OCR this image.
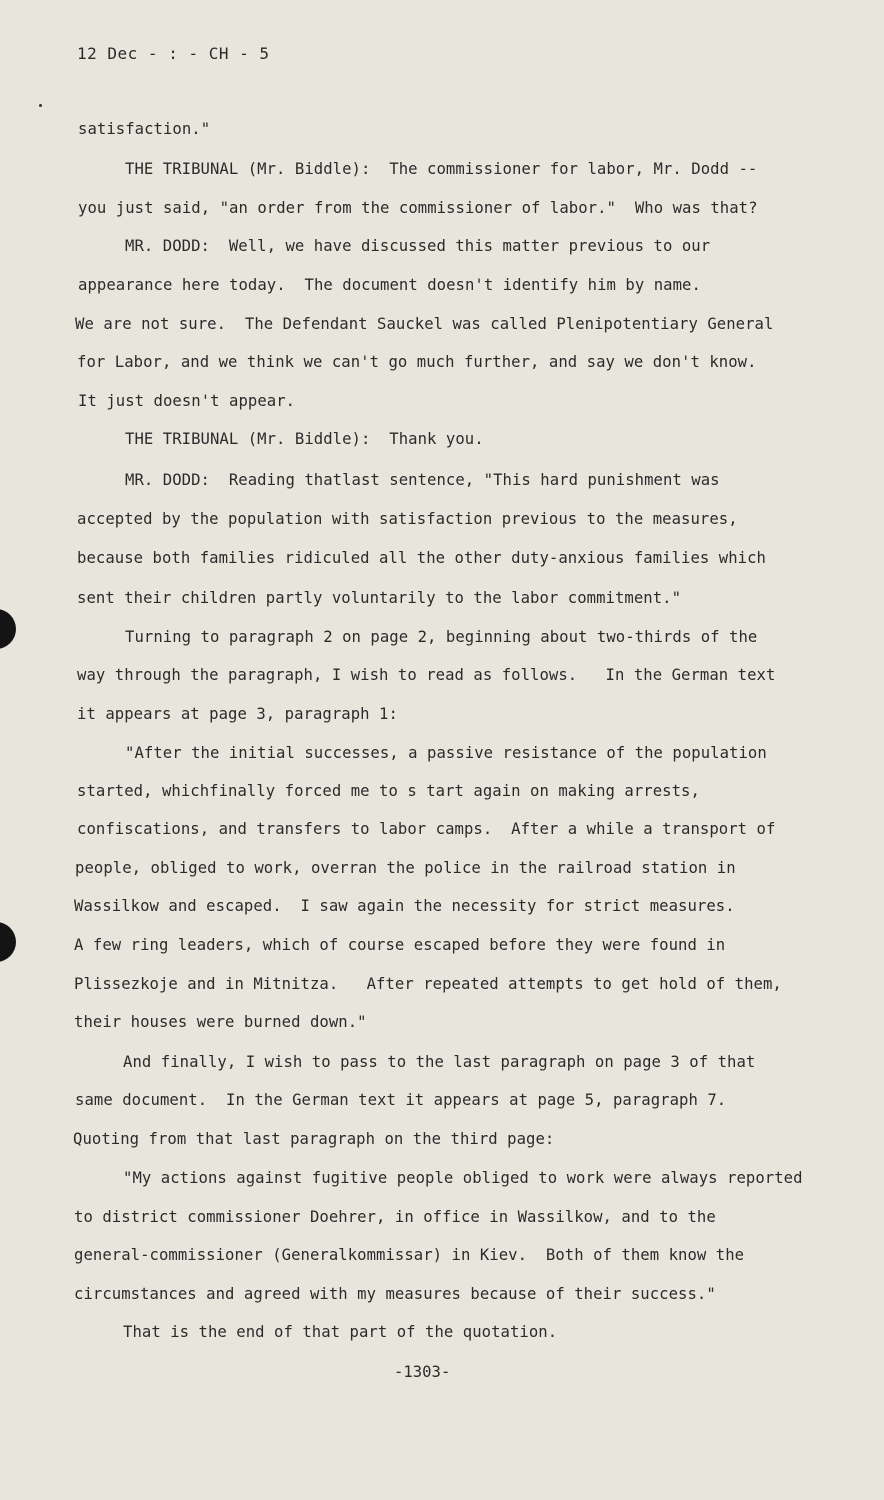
12 Dec - : - CH - 5
satisfaction."
THE TRIBUNAL (Mr. Biddle):  The commissioner for labor, Mr. Dodd --
you just said, "an order from the commissioner of labor."  Who was that?
MR. DODD:  Well, we have discussed this matter previous to our
appearance here today.  The document doesn't identify him by name.
We are not sure.  The Defendant Sauckel was called Plenipotentiary General
for Labor, and we think we can't go much further, and say we don't know.
It just doesn't appear.
THE TRIBUNAL (Mr. Biddle):  Thank you.
MR. DODD:  Reading thatlast sentence, "This hard punishment was
accepted by the population with satisfaction previous to the measures,
because both families ridiculed all the other duty-anxious families which
sent their children partly voluntarily to the labor commitment."
Turning to paragraph 2 on page 2, beginning about two-thirds of the
way through the paragraph, I wish to read as follows.   In the German text
it appears at page 3, paragraph 1:
"After the initial successes, a passive resistance of the population
started, whichfinally forced me to s tart again on making arrests,
confiscations, and transfers to labor camps.  After a while a transport of
people, obliged to work, overran the police in the railroad station in
Wassilkow and escaped.  I saw again the necessity for strict measures.
A few ring leaders, which of course escaped before they were found in
Plissezkoje and in Mitnitza.   After repeated attempts to get hold of them,
their houses were burned down."
And finally, I wish to pass to the last paragraph on page 3 of that
same document.  In the German text it appears at page 5, paragraph 7.
Quoting from that last paragraph on the third page:
"My actions against fugitive people obliged to work were always reported
to district commissioner Doehrer, in office in Wassilkow, and to the
general-commissioner (Generalkommissar) in Kiev.  Both of them know the
circumstances and agreed with my measures because of their success."
That is the end of that part of the quotation.
-1303-
